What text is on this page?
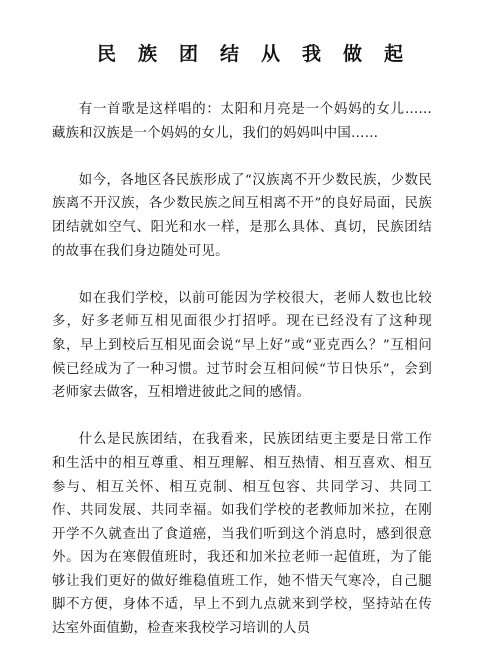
民族团结从我做起

有一首歌是这样唱的：太阳和月亮是一个妈妈的女儿……藏族和汉族是一个妈妈的女儿，我们的妈妈叫中国……

如今，各地区各民族形成了“汉族离不开少数民族，少数民族离不开汉族，各少数民族之间互相离不开”的良好局面，民族团结就如空气、阳光和水一样，是那么具体、真切，民族团结的故事在我们身边随处可见。

如在我们学校，以前可能因为学校很大，老师人数也比较多，好多老师互相见面很少打招呼。现在已经没有了这种现象，早上到校后互相见面会说“早上好”或“亚克西么？”互相问候已经成为了一种习惯。过节时会互相问候“节日快乐”，会到老师家去做客，互相增进彼此之间的感情。

什么是民族团结，在我看来，民族团结更主要是日常工作和生活中的相互尊重、相互理解、相互热情、相互喜欢、相互参与、相互关怀、相互克制、相互包容、共同学习、共同工作、共同发展、共同幸福。如我们学校的老教师加米拉，在刚开学不久就查出了食道癌，当我们听到这个消息时，感到很意外。因为在寒假值班时，我还和加米拉老师一起值班，为了能够让我们更好的做好维稳值班工作，她不惜天气寒冷，自己腿脚不方便，身体不适，早上不到九点就来到学校，坚持站在传达室外面值勤，检查来我校学习培训的人员
